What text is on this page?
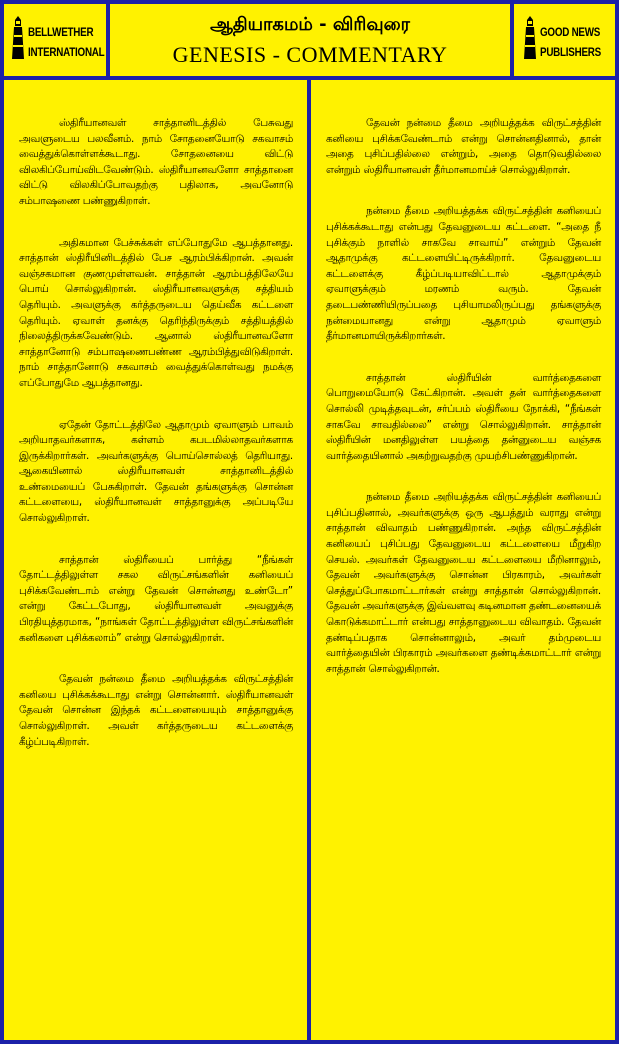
BELLWETHER
INTERNATIONAL
ஆதியாகமம் - விரிவுரை
GENESIS - COMMENTARY
GOOD NEWS
PUBLISHERS

ஸ்திரீயானவள் சாத்தானிடத்தில் பேசுவது அவளுடைய பலவீனம். நாம் சோதனையோடு சகவாசம் வைத்துக்கொள்ளக்கூடாது. சோதனையை விட்டு விலகிப்போய்விடவேண்டும். ஸ்திரீயானவளோ சாத்தானை விட்டு விலகிப்போவதற்கு பதிலாக, அவனோடு சம்பாஷணை பண்ணுகிறாள்.

அதிகமான பேச்சுக்கள் எப்போதுமே ஆபத்தானது. சாத்தான் ஸ்திரீயினிடத்தில் பேச ஆரம்பிக்கிறான். அவன் வஞ்சகமான குணமுள்ளவன். சாத்தான் ஆரம்பத்திலேயே பொய் சொல்லுகிறான். ஸ்திரீயானவளுக்கு சத்தியம் தெரியும். அவளுக்கு கர்த்தருடைய தெய்வீக கட்டளை தெரியும். ஏவாள் தனக்கு தெரிந்திருக்கும் சத்தியத்தில் நிலைத்திருக்கவேண்டும். ஆனால் ஸ்திரீயானவளோ சாத்தானோடு சம்பாஷணைபண்ண ஆரம்பித்துவிடுகிறாள். நாம் சாத்தானோடு சகவாசம் வைத்துக்கொள்வது நமக்கு எப்போதுமே ஆபத்தானது.

ஏதேன் தோட்டத்திலே ஆதாமும் ஏவாளும் பாவம் அறியாதவர்களாக, கள்ளம் கபடமில்லாதவர்களாக இருக்கிறார்கள். அவர்களுக்கு பொய்சொல்லத் தெரியாது. ஆகையினால் ஸ்திரீயானவள் சாத்தானிடத்தில் உண்மையைப் பேசுகிறாள். தேவன் தங்களுக்கு சொன்ன கட்டளையை, ஸ்திரீயானவள் சாத்தானுக்கு அப்படியே சொல்லுகிறாள்.

சாத்தான் ஸ்திரீயைப் பார்த்து “நீங்கள் தோட்டத்திலுள்ள சகல விருட்சங்களின் கனியைப் புசிக்கவேண்டாம் என்று தேவன் சொன்னது உண்டோ” என்று கேட்டபோது, ஸ்திரீயானவள் அவனுக்கு பிரதியுத்தரமாக, “நாங்கள் தோட்டத்திலுள்ள விருட்சங்களின் கனிகளை புசிக்கலாம்” என்று சொல்லுகிறாள்.

தேவன் நன்மை தீமை அறியத்தக்க விருட்சத்தின் கனியை புசிக்கக்கூடாது என்று சொன்னார். ஸ்திரீயானவள் தேவன் சொன்ன இந்தக் கட்டளையையும் சாத்தானுக்கு சொல்லுகிறாள். அவள் கர்த்தருடைய கட்டளைக்கு கீழ்ப்படிகிறாள்.

தேவன் நன்மை தீமை அறியத்தக்க விருட்சத்தின் கனியை புசிக்கவேண்டாம் என்று சொன்னதினால், தான் அதை புசிப்பதில்லை என்றும், அதை தொடுவதில்லை என்றும் ஸ்திரீயானவள் தீர்மானமாய்ச் சொல்லுகிறாள்.

நன்மை தீமை அறியத்தக்க விருட்சத்தின் கனியைப் புசிக்கக்கூடாது என்பது தேவனுடைய கட்டளை. “அதை நீ புசிக்கும் நாளில் சாகவே சாவாய்” என்றும் தேவன் ஆதாமுக்கு கட்டளையிட்டிருக்கிறார். தேவனுடைய கட்டளைக்கு கீழ்ப்படியாவிட்டால் ஆதாமுக்கும் ஏவாளுக்கும் மரணம் வரும். தேவன் தடைபண்ணியிருப்பதை புசியாமலிருப்பது தங்களுக்கு நன்மையானது என்று ஆதாமும் ஏவாளும் தீர்மானமாயிருக்கிறார்கள்.

சாத்தான் ஸ்திரீயின் வார்த்தைகளை பொறுமையோடு கேட்கிறான். அவள் தன் வார்த்தைகளை சொல்லி முடித்தவுடன், சர்ப்பம் ஸ்திரீயை நோக்கி, “நீங்கள் சாகவே சாவதில்லை” என்று சொல்லுகிறான். சாத்தான் ஸ்திரீயின் மனதிலுள்ள பயத்தை தன்னுடைய வஞ்சக வார்த்தையினால் அகற்றுவதற்கு முயற்சிபண்ணுகிறான்.

நன்மை தீமை அறியத்தக்க விருட்சத்தின் கனியைப் புசிப்பதினால், அவர்களுக்கு ஒரு ஆபத்தும் வராது என்று சாத்தான் விவாதம் பண்ணுகிறான். அந்த விருட்சத்தின் கனியைப் புசிப்பது தேவனுடைய கட்டளையை மீறுகிற செயல். அவர்கள் தேவனுடைய கட்டளையை மீறினாலும், தேவன் அவர்களுக்கு சொன்ன பிரகாரம், அவர்கள் செத்துப்போகமாட்டார்கள் என்று சாத்தான் சொல்லுகிறான். தேவன் அவர்களுக்கு இவ்வளவு கடினமான தண்டனையைக் கொடுக்கமாட்டார் என்பது சாத்தானுடைய விவாதம். தேவன் தண்டிப்பதாக சொன்னாலும், அவர் தம்முடைய வார்த்தையின் பிரகாரம் அவர்களை தண்டிக்கமாட்டார் என்று சாத்தான் சொல்லுகிறான்.
